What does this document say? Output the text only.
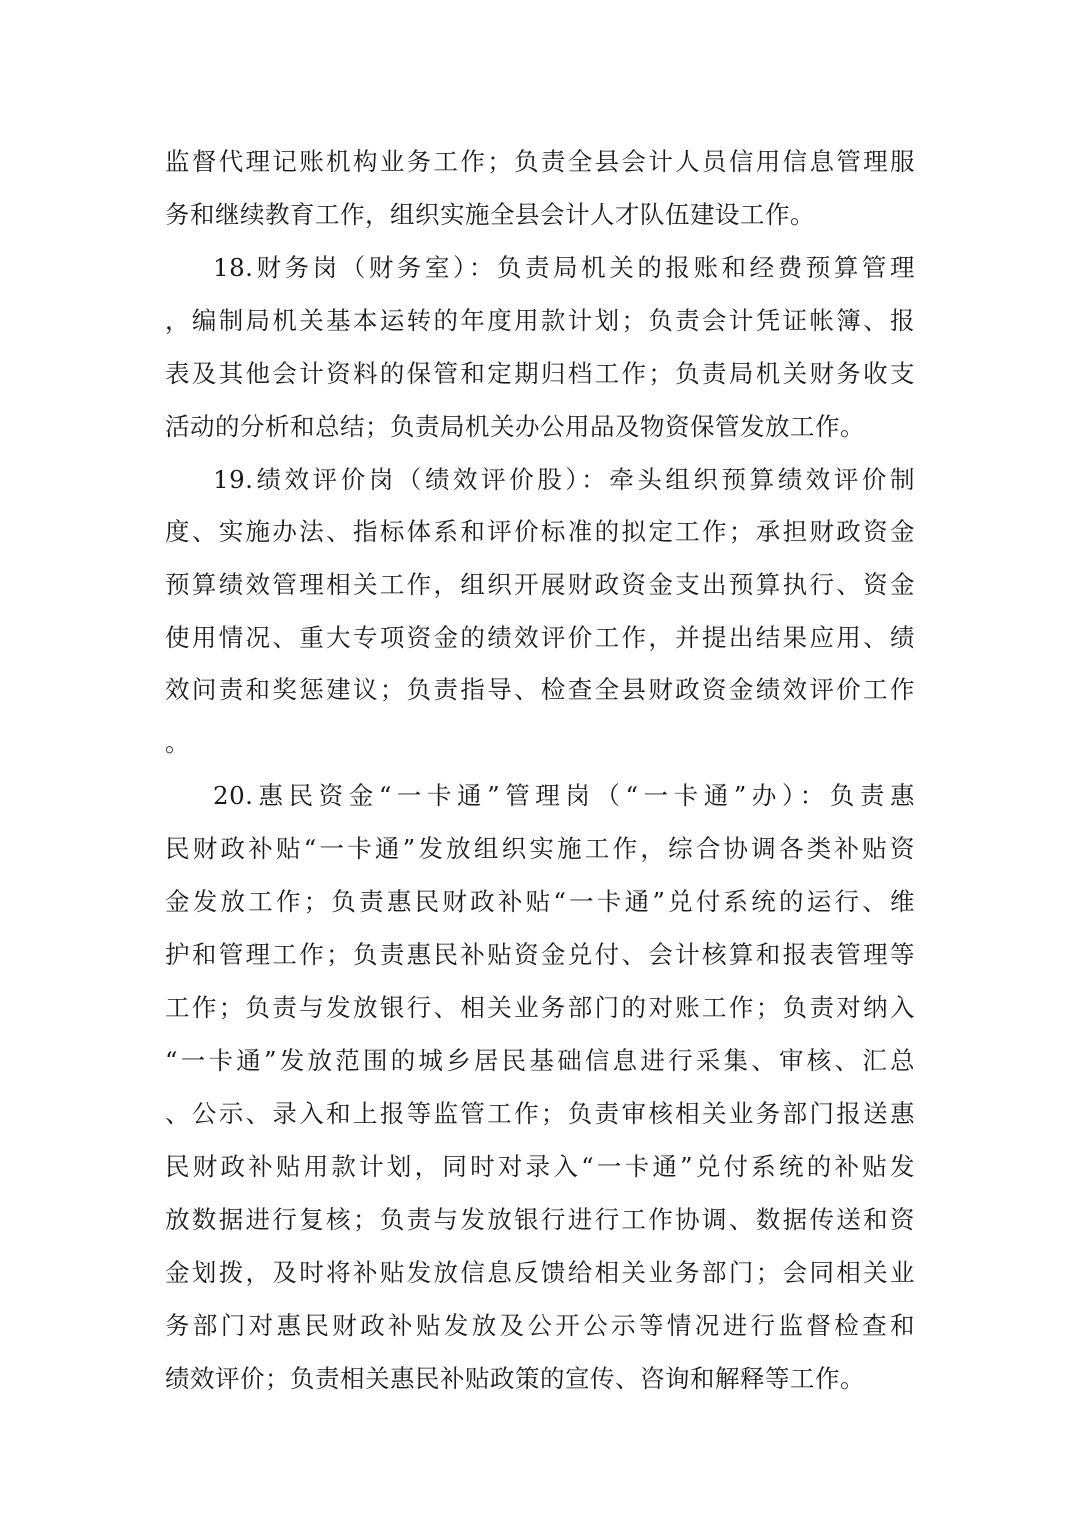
监督代理记账机构业务工作；负责全县会计人员信用信息管理服
务和继续教育工作，组织实施全县会计人才队伍建设工作。
18.财务岗（财务室）：负责局机关的报账和经费预算管理
，编制局机关基本运转的年度用款计划；负责会计凭证帐簿、报
表及其他会计资料的保管和定期归档工作；负责局机关财务收支
活动的分析和总结；负责局机关办公用品及物资保管发放工作。
19.绩效评价岗（绩效评价股）：牵头组织预算绩效评价制
度、实施办法、指标体系和评价标准的拟定工作；承担财政资金
预算绩效管理相关工作，组织开展财政资金支出预算执行、资金
使用情况、重大专项资金的绩效评价工作，并提出结果应用、绩
效问责和奖惩建议；负责指导、检查全县财政资金绩效评价工作
。
20.惠民资金“一卡通”管理岗（“一卡通”办）：负责惠
民财政补贴“一卡通”发放组织实施工作，综合协调各类补贴资
金发放工作；负责惠民财政补贴“一卡通”兑付系统的运行、维
护和管理工作；负责惠民补贴资金兑付、会计核算和报表管理等
工作；负责与发放银行、相关业务部门的对账工作；负责对纳入
“一卡通”发放范围的城乡居民基础信息进行采集、审核、汇总
、公示、录入和上报等监管工作；负责审核相关业务部门报送惠
民财政补贴用款计划，同时对录入“一卡通”兑付系统的补贴发
放数据进行复核；负责与发放银行进行工作协调、数据传送和资
金划拨，及时将补贴发放信息反馈给相关业务部门；会同相关业
务部门对惠民财政补贴发放及公开公示等情况进行监督检查和
绩效评价；负责相关惠民补贴政策的宣传、咨询和解释等工作。
